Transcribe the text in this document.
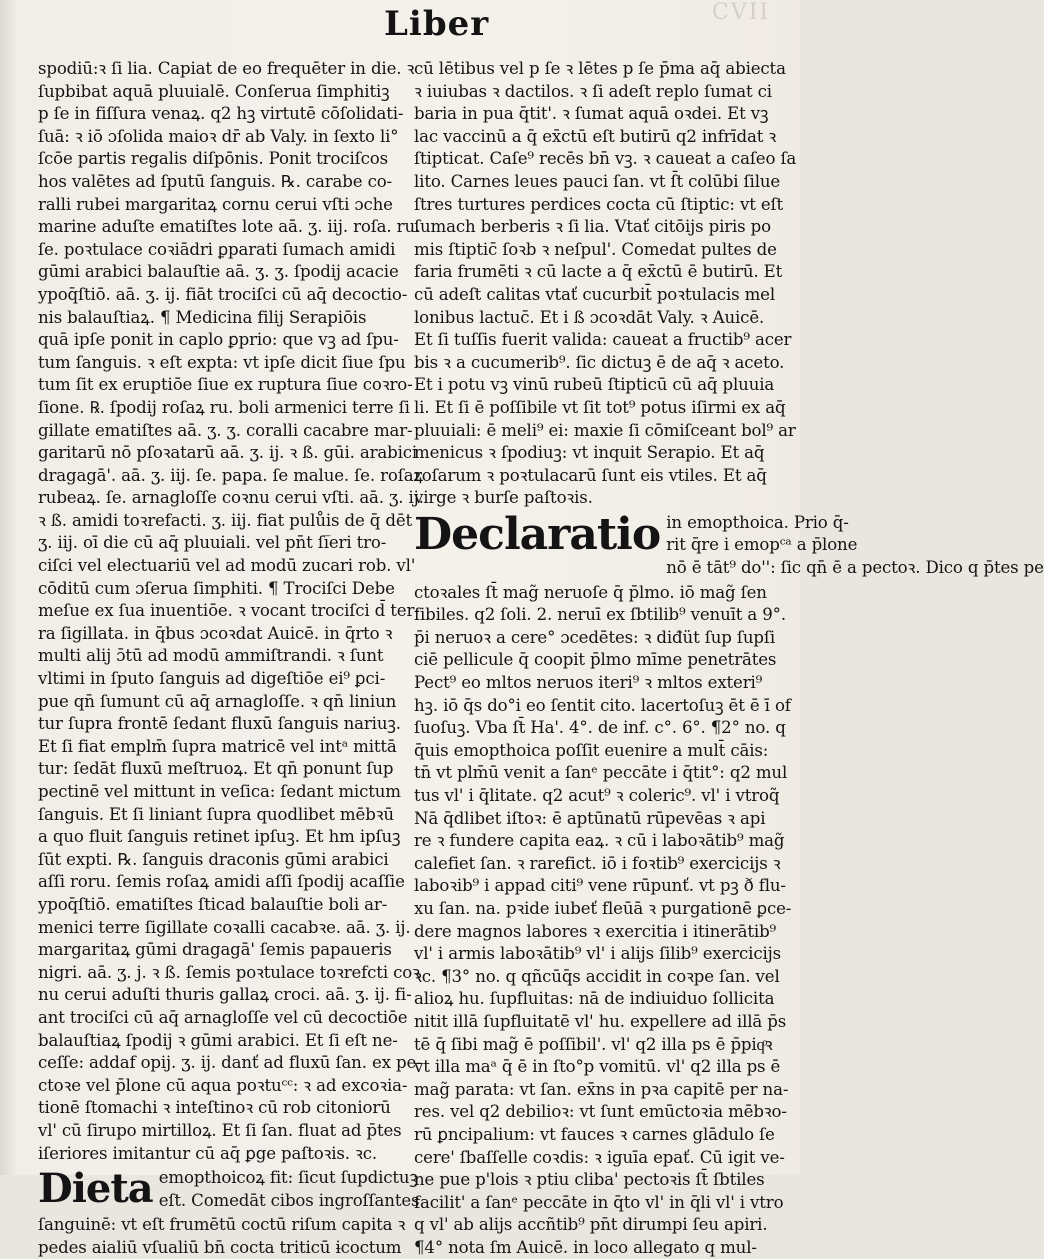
CVII
Liber
spodiū:ꝛ ſi lia. Capiat de eo frequēter in die. ꝛ
ſupbibat aquā pluuialē. Conſerua ſimphitiꝫ
p ſe in fiſſura venaꝝ. q2 hꝫ virtutē cōſolidati-
ſuā: ꝛ iō ɔſolida maioꝛ dr̄ ab Valy. in ſexto li°
ſcōe partis regalis diſpōnis. Ponit trociſcos
hos valētes ad ſputū ſanguis. ℞. carabe co-
ralli rubei margaritaꝝ cornu cerui vſti ɔche
marine aduſte ematiſtes lote aā. ʒ. iij. roſa. ru.
ſe. poꝛtulace coꝛiādri ꝑparati ſumach amidi
gūmi arabici balauſtie aā. ʒ. ʒ. ſpodij acacie
ypoq̄ſtiō. aā. ʒ. ij. fiāt trociſci cū aq̄ decoctio-
nis balauſtiaꝝ. ¶ Medicina filij Serapiōis
quā ipſe ponit in caplo ꝑprio: que vꝫ ad ſpu-
tum ſanguis. ꝛ eſt expta: vt ipſe dicit ſiue ſpu
tum ſit ex eruptiōe ſiue ex ruptura ſiue coꝛro-
ſione. ℞. ſpodij roſaꝝ ru. boli armenici terre ſi
gillate ematiſtes aā. ʒ. ʒ. coralli cacabre mar-
garitarū nō pſoꝛatarū aā. ʒ. ij. ꝛ ß. gūi. arabici
dragagā'. aā. ʒ. iij. ſe. papa. ſe malue. ſe. roſaꝝ
rubeaꝝ. ſe. arnagloſſe coꝛnu cerui vſti. aā. ʒ. ij.
ꝛ ß. amidi toꝛrefacti. ʒ. iij. fiat pulůis de q̄ dēt
ʒ. iij. oī die cū aq̄ pluuiali. vel pn̄t ſi̅eri tro-
ciſci vel electuariū vel ad modū zucari rob. vl'
cōditū cum ɔſerua ſimphiti. ¶ Trociſci Debe
meſue ex ſua inuentiōe. ꝛ vocant trociſci d̄ ter-
ra ſigillata. in q̄bus ɔcoꝛdat Auicē. in q̄rto ꝛ
multi alij ɔ̄tū ad modū ammiſtrandi. ꝛ ſunt
vltimi in ſputo ſanguis ad digeſtiōe ei⁹ ꝑci-
pue qn̄ ſumunt cū aq̄ arnagloſſe. ꝛ qn̄ liniun
tur ſupra frontē ſedant fluxū ſanguis nariuꝫ.
Et ſi fiat emplm̄ ſupra matricē vel intᵃ mittā
tur: ſedāt fluxū meſtruoꝝ. Et qn̄ ponunt ſup
pectinē vel mittunt in veſica: ſedant mictum
ſanguis. Et ſi liniant ſupra quodlibet mēbꝛū
a quo fluit ſanguis retinet ipſuꝫ. Et hm ipſuꝫ
ſūt expti. ℞. ſanguis draconis gūmi arabici
aſſi roru. ſemis roſaꝝ amidi aſſi ſpodij acaſſie
ypoq̄ſtiō. ematiſtes ſticad balauſtie boli ar-
menici terre ſigillate coꝛalli cacabꝛe. aā. ʒ. ij.
margaritaꝝ gūmi dragagā' ſemis papaueris
nigri. aā. ʒ. j. ꝛ ß. ſemis poꝛtulace toꝛrefcti coꝛ
nu cerui aduſti thuris gallaꝝ croci. aā. ʒ. ij. fi-
ant trociſci cū aq̄ arnagloſſe vel cū decoctiōe
balauſtiaꝝ ſpodij ꝛ gūmi arabici. Et ſi eſt ne-
ceſſe: addaf opij. ʒ. ij. danť ad fluxū ſan. ex pe-
ctoꝛe vel p̄lone cū aqua poꝛtuᶜᶜ: ꝛ ad excoꝛia-
tionē ſtomachi ꝛ inteſtinoꝛ cū rob citoniorū
vl' cū ſirupo mirtilloꝝ. Et ſi ſan. fluat ad p̄tes
iſeriores imitantur cū aq̄ ꝑge paſtoꝛis. ꝛc.
Dieta emopthoicoꝝ fit: ſicut ſupdictuꝫ
eſt. Comedāt cibos ingroſſantes
ſanguinē: vt eſt frumētū coctū riſum capita ꝛ
pedes aialiū vſualiū bn̄ cocta triticū ɨcoctum
cū lētibus vel p ſe ꝛ lētes p ſe p̄ma aq̄ abiecta
ꝛ iuiubas ꝛ dactilos. ꝛ ſi adeſt replo ſumat ci
baria in pua q̄tit'. ꝛ ſumat aquā oꝛdei. Et vꝫ
lac vaccinū a q̄ ex̄ctū eſt butirū q2 infrīdat ꝛ
ſtipticat. Caſe⁹ recēs bn̄ vꝫ. ꝛ caueat a caſeo ſa
lito. Carnes leues pauci ſan. vt ſ̄t colūbi ſilue
ſtres turtures perdices cocta cū ſtiptic: vt eſt
ſumach berberis ꝛ ſi lia. Vtať citōijs piris po
mis ſtiptic̄ ſoꝛb ꝛ neſpul'. Comedat pultes de
faria frumēti ꝛ cū lacte a q̄ ex̄ctū ē butirū. Et
cū adeſt calitas vtať cucurbit̄ poꝛtulacis mel
lonibus lactuc̄. Et i ß ɔcoꝛdāt Valy. ꝛ Auicē.
Et ſi tuſſis fuerit valida: caueat a fructib⁹ acer
bis ꝛ a cucumerib⁹. ſic dictuꝫ ē de aq̄ ꝛ aceto.
Et i potu vꝫ vinū rubeū ſtipticū cū aq̄ pluuia
li. Et ſi ē poſſibile vt ſit tot⁹ potus iſirmi ex aq̄
pluuiali: ē meli⁹ ei: maxie ſi cōmiſceant bol⁹ ar
menicus ꝛ ſpodiuꝫ: vt inquit Serapio. Et aq̄
roſarum ꝛ poꝛtulacarū ſunt eis vtiles. Et aq̄
virge ꝛ burſe paſtoꝛis.
Declaratio in emopthoica. Prio q̄-
rit q̄re i emopᶜᵃ a p̄lone
nō ē tāt⁹ do'': ſic qn̄ ē a pectoꝛ. Dico q p̄tes pe
ctoꝛales ſt̄ mag̃ neruoſe q̄ p̄lmo. iō mag̃ ſen
ſibiles. q2 ſoli. 2. neruī ex ſbtilib⁹ venuīt a 9°.
p̄i neruoꝛ a cere° ɔcedētes: ꝛ diđüt ſup ſupſi
ciē pellicule q̄ coopit p̄lmo mīme penetrātes
Pect⁹ eo mltos neruos iteri⁹ ꝛ mltos exteri⁹
hꝫ. iō q̄s do°i eo ſentit cito. lacertoſuꝫ ēt ē ī of
ſuoſuꝫ. Vba ſt̄ Ha'. 4°. de inf. c°. 6°. ¶2° no. q
q̄uis emopthoica poſſit euenire a mult̄ cāis:
tn̄ vt plm̄ū venit a ſanᵉ peccāte i q̄tit°: q2 mul
tus vl' i q̄litate. q2 acut⁹ ꝛ coleric⁹. vl' i vtroq̃
Nā q̄dlibet iſtoꝛ: ē aptūnatū rūpevēas ꝛ api
re ꝛ fundere capita eaꝝ. ꝛ cū i laboꝛātib⁹ mag̃
calefiet ſan. ꝛ rarefict. iō i foꝛtib⁹ exercicijs ꝛ
laboꝛib⁹ i appad citi⁹ vene rūpunť. vt pꝫ ð flu-
xu ſan. na. pꝛide iubeť fleūā ꝛ purgationē ꝑce-
dere magnos labores ꝛ exercitia i itinerātib⁹
vl' i armis laboꝛātib⁹ vl' i alijs ſilib⁹ exercicijs
ꝛc. ¶3° no. q qñcūq̄s accidit in coꝛpe ſan. vel
alioꝝ hu. ſupfluitas: nā de indiuiduo ſollicita
nitit illā ſupfluitatē vl' hu. expellere ad illā p̄s
tē q̄ ſibi mag̃ ē poſſibil'. vl' q2 illa ps ē p̄piqͦꝛ
vt illa maᵃ q̄ ē in ſto°p vomitū. vl' q2 illa ps ē
mag̃ parata: vt ſan. ex̄ns in pꝛa capitē per na-
res. vel q2 debilioꝛ: vt ſunt emūctoꝛia mēbꝛo-
rū ꝑncipalium: vt fauces ꝛ carnes glādulo ſe
cere' ſbaſſelle coꝛdis: ꝛ iguīa epať. Cū igit ve-
ne pue p'lois ꝛ ptiu cliba' pectoꝛis ſt̄ ſbtiles
facilit' a ſanᵉ peccāte in q̄to vl' in q̄li vl' i vtro
q vl' ab alijs accñtib⁹ pn̄t dirumpi ſeu apiri.
¶4° nota ſm Auicē. in loco allegato q mul-
